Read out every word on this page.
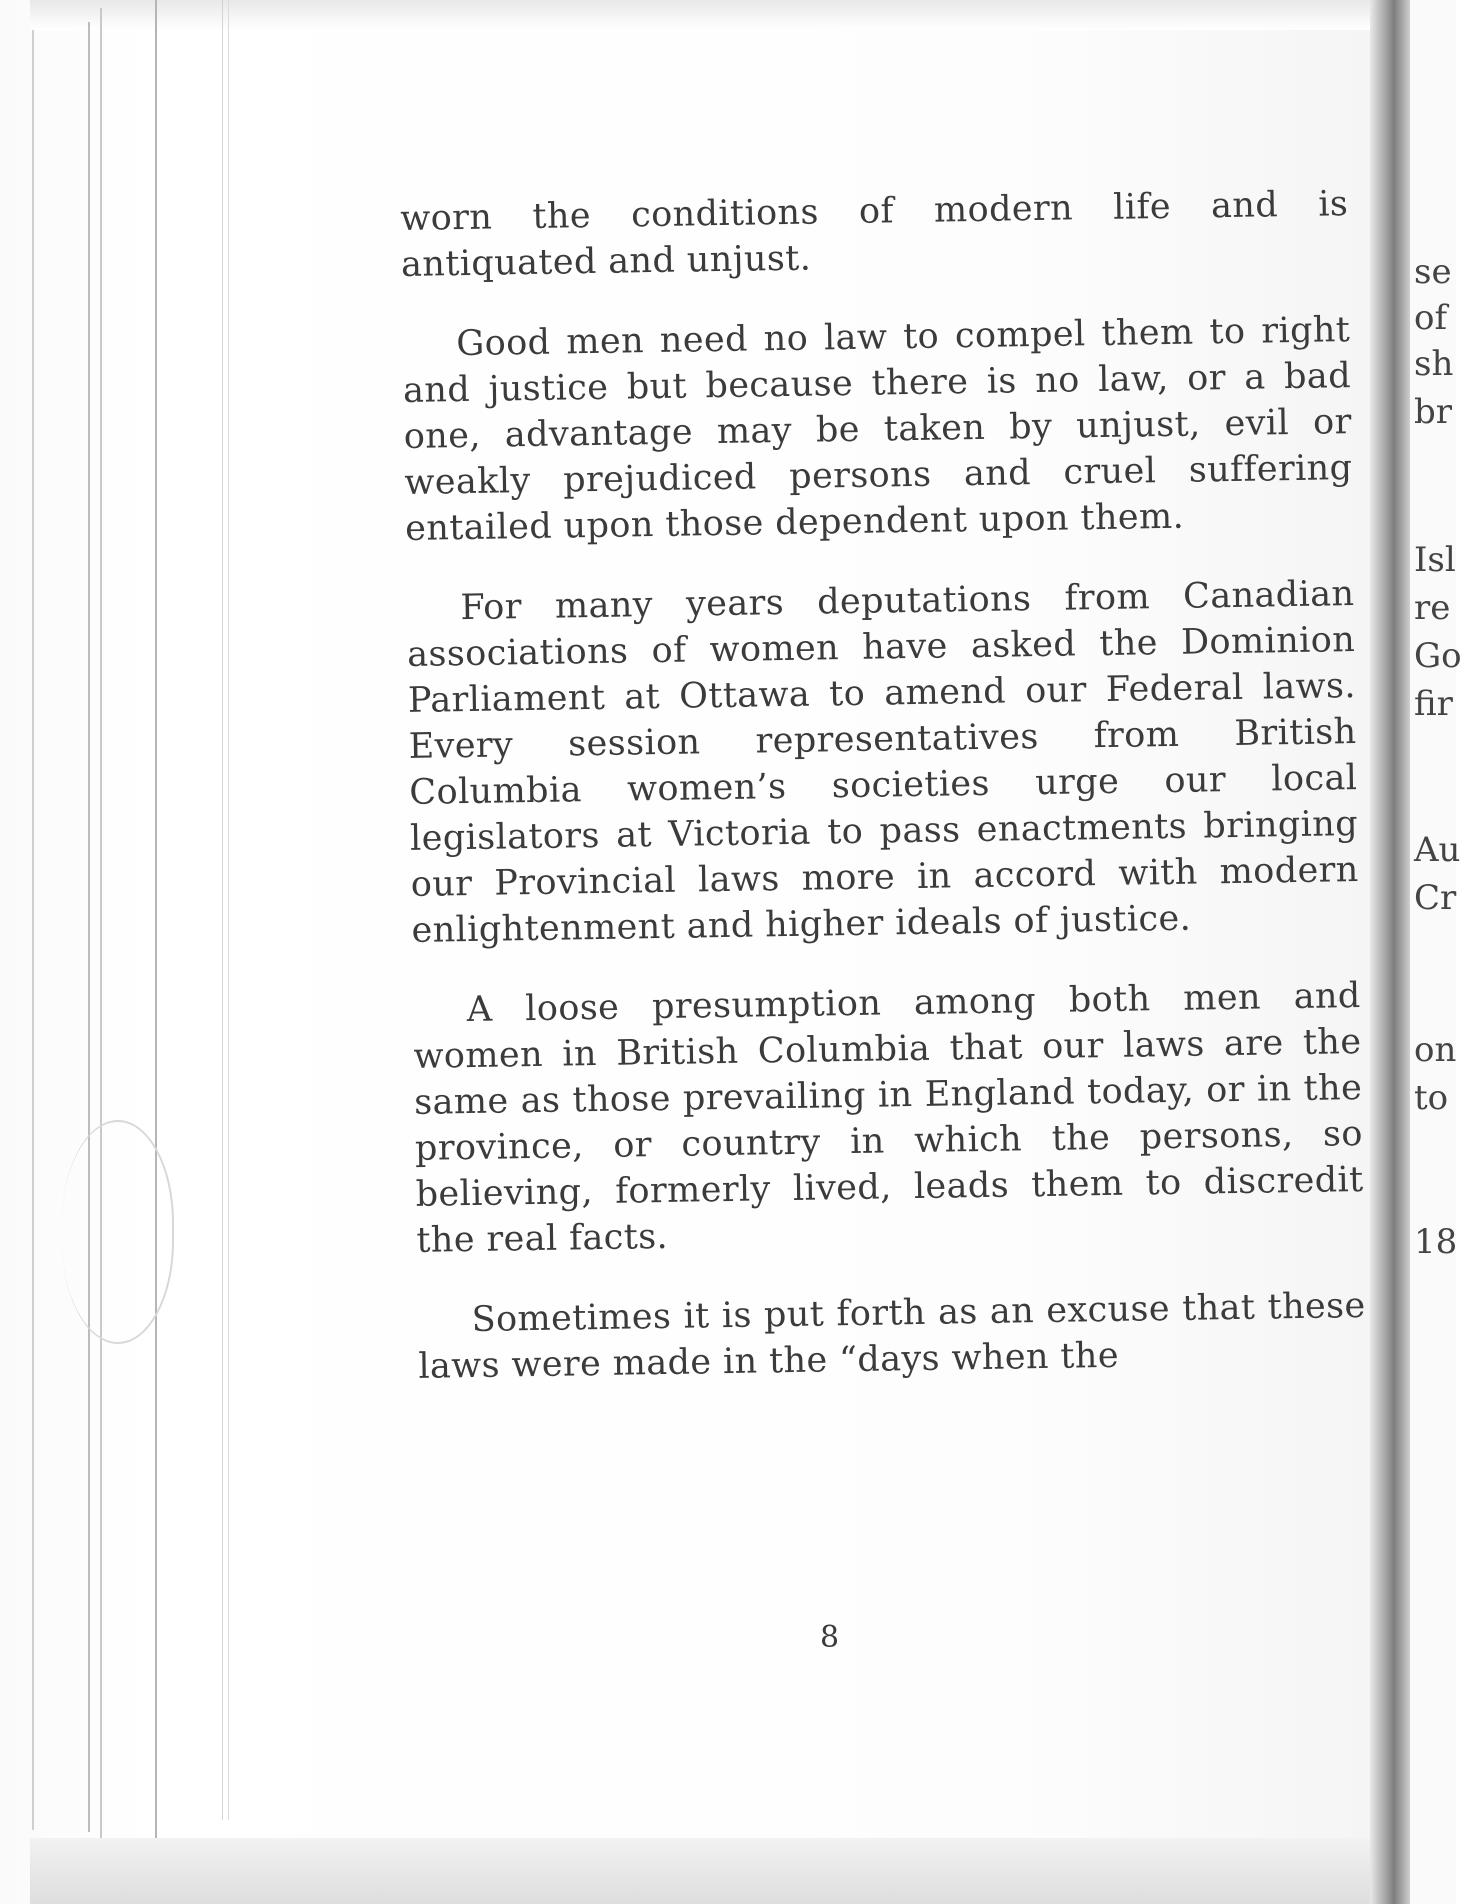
worn the conditions of modern life and is antiquated and unjust.

Good men need no law to compel them to right and justice but because there is no law, or a bad one, advantage may be taken by unjust, evil or weakly prejudiced persons and cruel suffering entailed upon those dependent upon them.

For many years deputations from Canadian associations of women have asked the Dominion Parliament at Ottawa to amend our Federal laws. Every session representatives from British Columbia women’s societies urge our local legislators at Victoria to pass enactments bringing our Provincial laws more in accord with modern enlightenment and higher ideals of justice.

A loose presumption among both men and women in British Columbia that our laws are the same as those prevailing in England today, or in the province, or country in which the persons, so believing, formerly lived, leads them to discredit the real facts.

Sometimes it is put forth as an excuse that these laws were made in the “days when the

8
se
of
sh
br
Isl
re
Go
fir
Au
Cr
on
to
18
